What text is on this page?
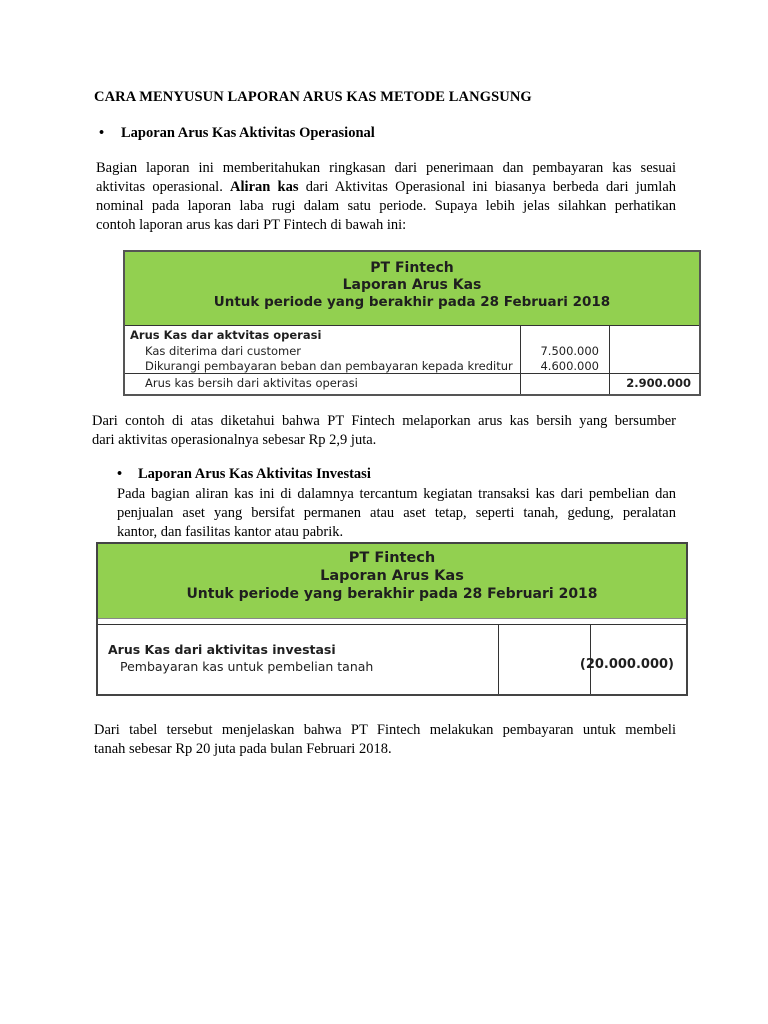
CARA MENYUSUN LAPORAN ARUS KAS METODE LANGSUNG
• Laporan Arus Kas Aktivitas Operasional
Bagian laporan ini memberitahukan ringkasan dari penerimaan dan pembayaran kas sesuai
aktivitas operasional. Aliran kas dari Aktivitas Operasional ini biasanya berbeda dari jumlah
nominal pada laporan laba rugi dalam satu periode. Supaya lebih jelas silahkan perhatikan
contoh laporan arus kas dari PT Fintech di bawah ini:
PT Fintech
Laporan Arus Kas
Untuk periode yang berakhir pada 28 Februari 2018
Arus Kas dar aktvitas operasi
Kas diterima dari customer	7.500.000
Dikurangi pembayaran beban dan pembayaran kepada kreditur 4.600.000
Arus kas bersih dari aktivitas operasi	2.900.000
Dari contoh di atas diketahui bahwa PT Fintech melaporkan arus kas bersih yang bersumber
dari aktivitas operasionalnya sebesar Rp 2,9 juta.
• Laporan Arus Kas Aktivitas Investasi
Pada bagian aliran kas ini di dalamnya tercantum kegiatan transaksi kas dari pembelian dan
penjualan aset yang bersifat permanen atau aset tetap, seperti tanah, gedung, peralatan
kantor, dan fasilitas kantor atau pabrik.
PT Fintech
Laporan Arus Kas
Untuk periode yang berakhir pada 28 Februari 2018
Arus Kas dari aktivitas investasi
Pembayaran kas untuk pembelian tanah	(20.000.000)
Dari tabel tersebut menjelaskan bahwa PT Fintech melakukan pembayaran untuk membeli
tanah sebesar Rp 20 juta pada bulan Februari 2018.
